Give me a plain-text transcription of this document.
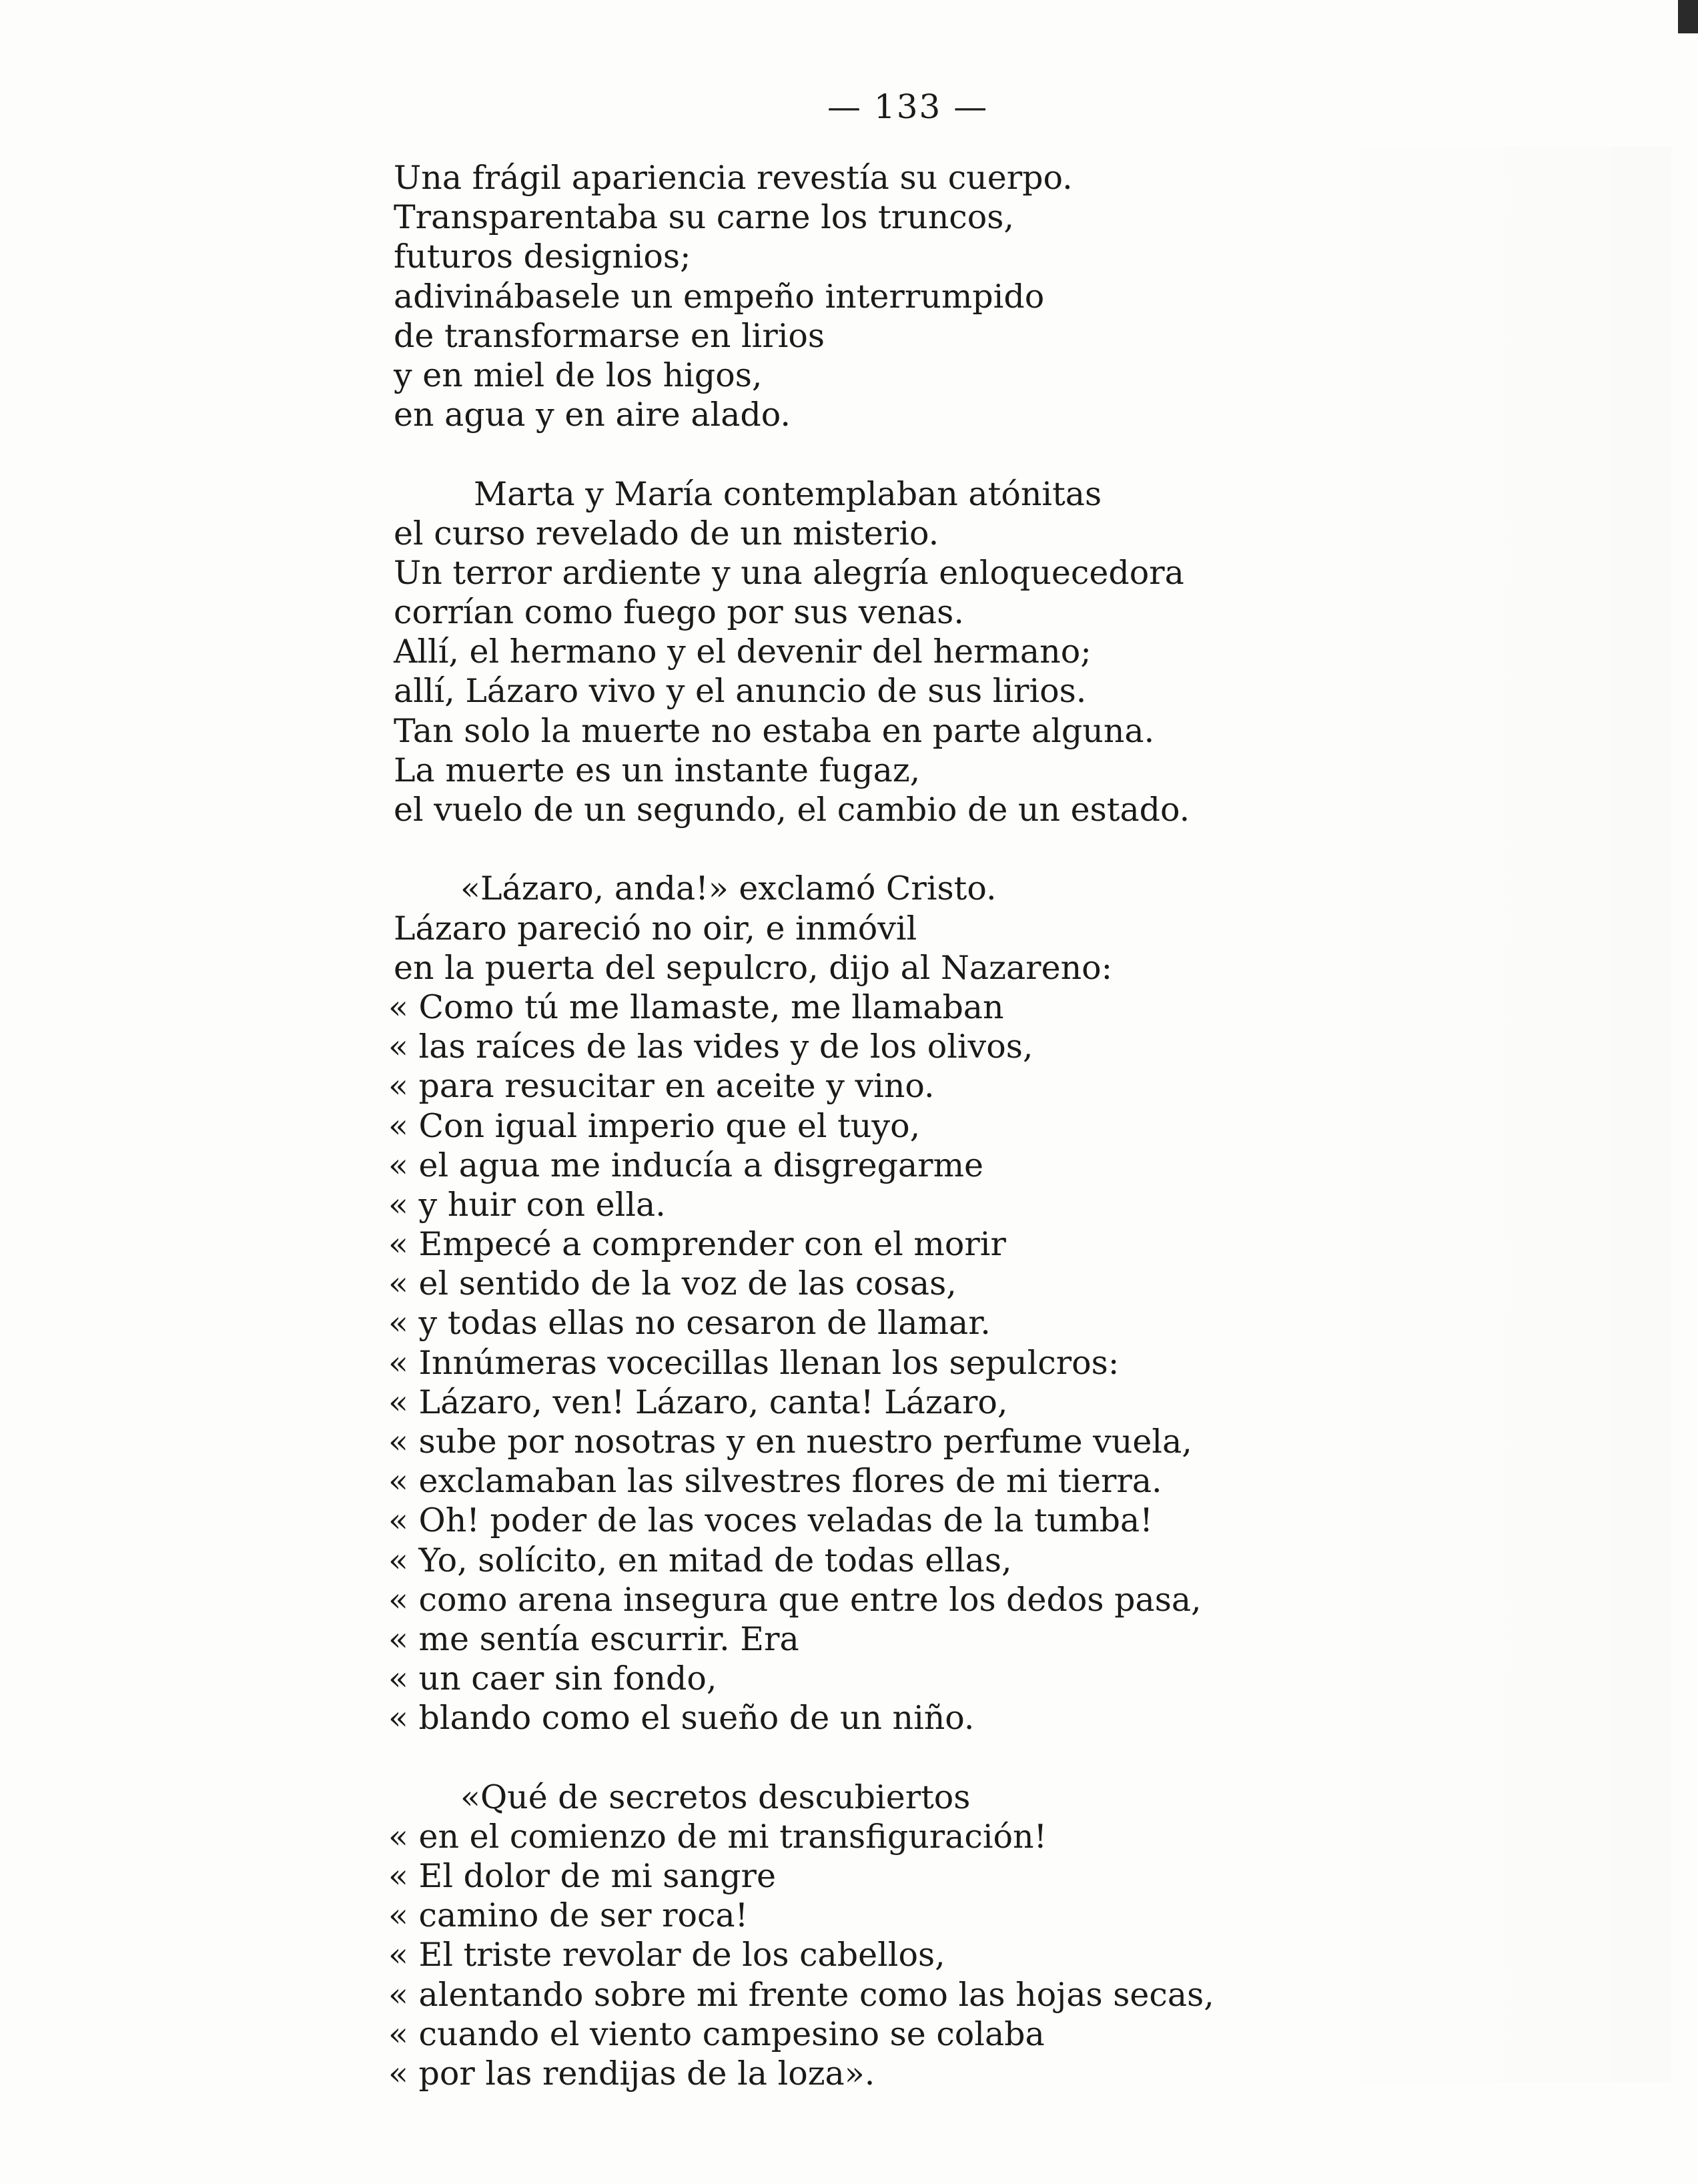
— 133 —
Una frágil apariencia revestía su cuerpo.
Transparentaba su carne los truncos,
futuros designios;
adivinábasele un empeño interrumpido
de transformarse en lirios
y en miel de los higos,
en agua y en aire alado.
Marta y María contemplaban atónitas
el curso revelado de un misterio.
Un terror ardiente y una alegría enloquecedora
corrían como fuego por sus venas.
Allí, el hermano y el devenir del hermano;
allí, Lázaro vivo y el anuncio de sus lirios.
Tan solo la muerte no estaba en parte alguna.
La muerte es un instante fugaz,
el vuelo de un segundo, el cambio de un estado.
«Lázaro, anda!» exclamó Cristo.
Lázaro pareció no oir, e inmóvil
en la puerta del sepulcro, dijo al Nazareno:
« Como tú me llamaste, me llamaban
« las raíces de las vides y de los olivos,
« para resucitar en aceite y vino.
« Con igual imperio que el tuyo,
« el agua me inducía a disgregarme
« y huir con ella.
« Empecé a comprender con el morir
« el sentido de la voz de las cosas,
« y todas ellas no cesaron de llamar.
« Innúmeras vocecillas llenan los sepulcros:
« Lázaro, ven! Lázaro, canta! Lázaro,
« sube por nosotras y en nuestro perfume vuela,
« exclamaban las silvestres flores de mi tierra.
« Oh! poder de las voces veladas de la tumba!
« Yo, solícito, en mitad de todas ellas,
« como arena insegura que entre los dedos pasa,
« me sentía escurrir. Era
« un caer sin fondo,
« blando como el sueño de un niño.
«Qué de secretos descubiertos
« en el comienzo de mi transfiguración!
« El dolor de mi sangre
« camino de ser roca!
« El triste revolar de los cabellos,
« alentando sobre mi frente como las hojas secas,
« cuando el viento campesino se colaba
« por las rendijas de la loza».
